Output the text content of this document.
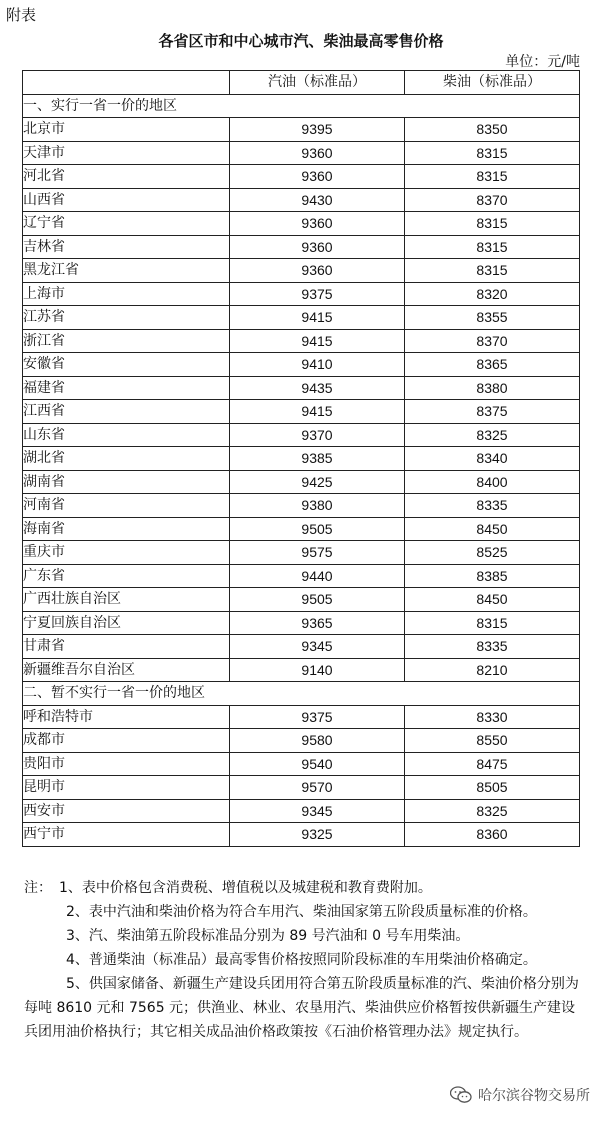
附表
各省区市和中心城市汽、柴油最高零售价格
单位：元/吨
	汽油（标准品）	柴油（标准品）
一、实行一省一价的地区		
北京市	9395	8350
天津市	9360	8315
河北省	9360	8315
山西省	9430	8370
辽宁省	9360	8315
吉林省	9360	8315
黑龙江省	9360	8315
上海市	9375	8320
江苏省	9415	8355
浙江省	9415	8370
安徽省	9410	8365
福建省	9435	8380
江西省	9415	8375
山东省	9370	8325
湖北省	9385	8340
湖南省	9425	8400
河南省	9380	8335
海南省	9505	8450
重庆市	9575	8525
广东省	9440	8385
广西壮族自治区	9505	8450
宁夏回族自治区	9365	8315
甘肃省	9345	8335
新疆维吾尔自治区	9140	8210
二、暂不实行一省一价的地区		
呼和浩特市	9375	8330
成都市	9580	8550
贵阳市	9540	8475
昆明市	9570	8505
西安市	9345	8325
西宁市	9325	8360

注：　1、表中价格包含消费税、增值税以及城建税和教育费附加。

　　　2、表中汽油和柴油价格为符合车用汽、柴油国家第五阶段质量标准的价格。

　　　3、汽、柴油第五阶段标准品分别为 89 号汽油和 0 号车用柴油。

　　　4、普通柴油（标准品）最高零售价格按照同阶段标准的车用柴油价格确定。

　　　5、供国家储备、新疆生产建设兵团用符合第五阶段质量标准的汽、柴油价格分别为每吨 8610 元和 7565 元；供渔业、林业、农垦用汽、柴油供应价格暂按供新疆生产建设兵团用油价格执行；其它相关成品油价格政策按《石油价格管理办法》规定执行。

哈尔滨谷物交易所
